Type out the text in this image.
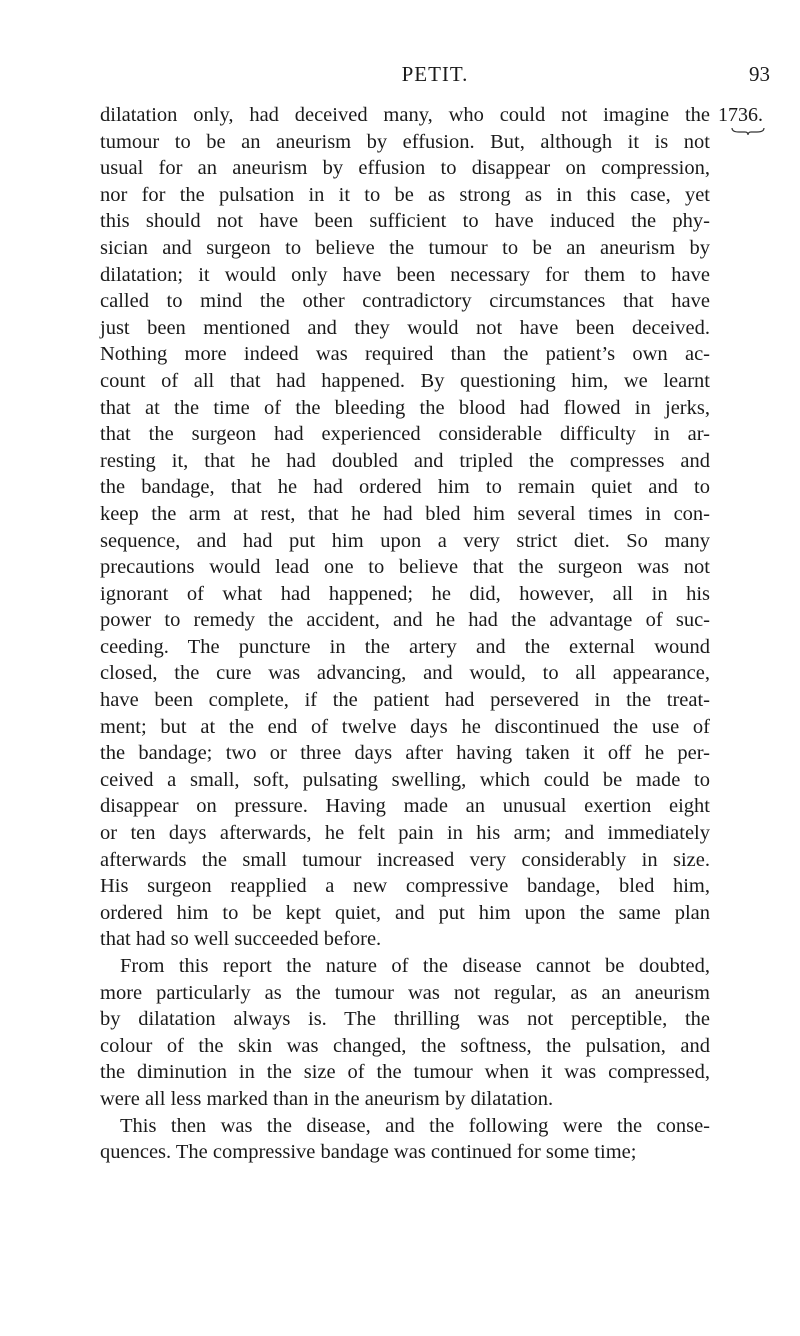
PETIT.	93
1736.
dilatation only, had deceived many, who could not imagine the
tumour to be an aneurism by effusion. But, although it is not
usual for an aneurism by effusion to disappear on compression,
nor for the pulsation in it to be as strong as in this case, yet
this should not have been sufficient to have induced the phy-
sician and surgeon to believe the tumour to be an aneurism by
dilatation; it would only have been necessary for them to have
called to mind the other contradictory circumstances that have
just been mentioned and they would not have been deceived.
Nothing more indeed was required than the patient’s own ac-
count of all that had happened. By questioning him, we learnt
that at the time of the bleeding the blood had flowed in jerks,
that the surgeon had experienced considerable difficulty in ar-
resting it, that he had doubled and tripled the compresses and
the bandage, that he had ordered him to remain quiet and to
keep the arm at rest, that he had bled him several times in con-
sequence, and had put him upon a very strict diet. So many
precautions would lead one to believe that the surgeon was not
ignorant of what had happened; he did, however, all in his
power to remedy the accident, and he had the advantage of suc-
ceeding. The puncture in the artery and the external wound
closed, the cure was advancing, and would, to all appearance,
have been complete, if the patient had persevered in the treat-
ment; but at the end of twelve days he discontinued the use of
the bandage; two or three days after having taken it off he per-
ceived a small, soft, pulsating swelling, which could be made to
disappear on pressure. Having made an unusual exertion eight
or ten days afterwards, he felt pain in his arm; and immediately
afterwards the small tumour increased very considerably in size.
His surgeon reapplied a new compressive bandage, bled him,
ordered him to be kept quiet, and put him upon the same plan
that had so well succeeded before.
From this report the nature of the disease cannot be doubted,
more particularly as the tumour was not regular, as an aneurism
by dilatation always is. The thrilling was not perceptible, the
colour of the skin was changed, the softness, the pulsation, and
the diminution in the size of the tumour when it was compressed,
were all less marked than in the aneurism by dilatation.
This then was the disease, and the following were the conse-
quences. The compressive bandage was continued for some time;
